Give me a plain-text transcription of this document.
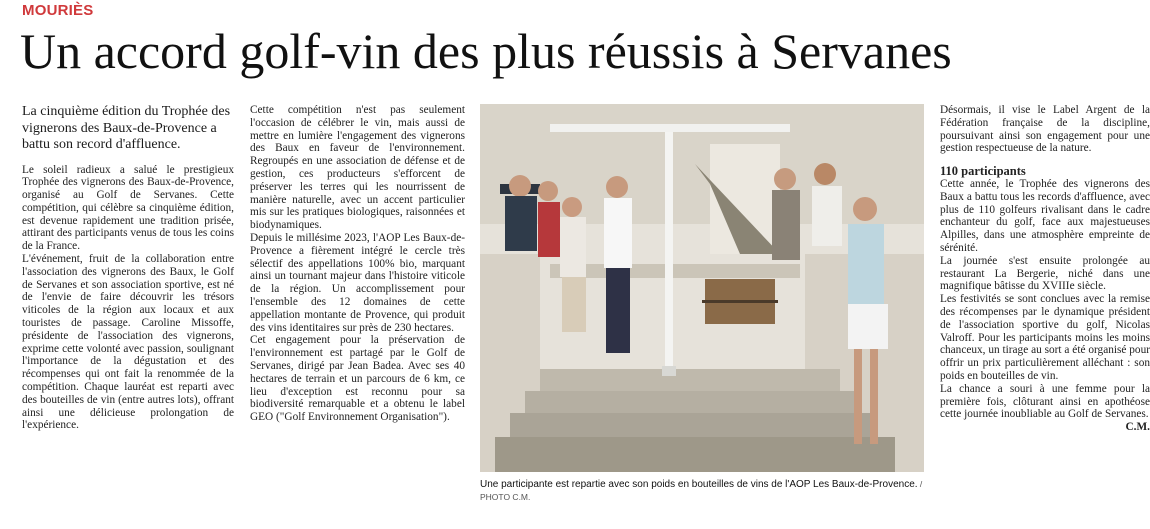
MOURIÈS
Un accord golf-vin des plus réussis à Servanes

La cinquième édition du Trophée des vignerons des Baux-de-Provence a battu son record d'affluence.

Le soleil radieux a salué le prestigieux Trophée des vignerons des Baux-de-Provence, organisé au Golf de Servanes. Cette compétition, qui célèbre sa cinquième édition, est devenue rapidement une tradition prisée, attirant des participants venus de tous les coins de la France.

L'événement, fruit de la collaboration entre l'association des vignerons des Baux, le Golf de Servanes et son association sportive, est né de l'envie de faire découvrir les trésors viticoles de la région aux locaux et aux touristes de passage. Caroline Missoffe, présidente de l'association des vignerons, exprime cette volonté avec passion, soulignant l'importance de la dégustation et des récompenses qui ont fait la renommée de la compétition. Chaque lauréat est reparti avec des bouteilles de vin (entre autres lots), offrant ainsi une délicieuse prolongation de l'expérience.

Cette compétition n'est pas seulement l'occasion de célébrer le vin, mais aussi de mettre en lumière l'engagement des vignerons des Baux en faveur de l'environnement. Regroupés en une association de défense et de gestion, ces producteurs s'efforcent de préserver les terres qui les nourrissent de manière naturelle, avec un accent particulier mis sur les pratiques biologiques, raisonnées et biodynamiques.

Depuis le millésime 2023, l'AOP Les Baux-de-Provence a fièrement intégré le cercle très sélectif des appellations 100% bio, marquant ainsi un tournant majeur dans l'histoire viticole de la région. Un accomplissement pour l'ensemble des 12 domaines de cette appellation montante de Provence, qui produit des vins identitaires sur près de 230 hectares.

Cet engagement pour la préservation de l'environnement est partagé par le Golf de Servanes, dirigé par Jean Badea. Avec ses 40 hectares de terrain et un parcours de 6 km, ce lieu d'exception est reconnu pour sa biodiversité remarquable et a obtenu le label GEO ("Golf Environnement Organisation").

Une participante est repartie avec son poids en bouteilles de vins de l'AOP Les Baux-de-Provence. / PHOTO C.M.

Désormais, il vise le Label Argent de la Fédération française de la discipline, poursuivant ainsi son engagement pour une gestion respectueuse de la nature.

110 participants

Cette année, le Trophée des vignerons des Baux a battu tous les records d'affluence, avec plus de 110 golfeurs rivalisant dans le cadre enchanteur du golf, face aux majestueuses Alpilles, dans une atmosphère empreinte de sérénité.

La journée s'est ensuite prolongée au restaurant La Bergerie, niché dans une magnifique bâtisse du XVIIIe siècle.

Les festivités se sont conclues avec la remise des récompenses par le dynamique président de l'association sportive du golf, Nicolas Valroff. Pour les participants moins les moins chanceux, un tirage au sort a été organisé pour offrir un prix particulièrement alléchant : son poids en bouteilles de vin.

La chance a souri à une femme pour la première fois, clôturant ainsi en apothéose cette journée inoubliable au Golf de Servanes.

C.M.
